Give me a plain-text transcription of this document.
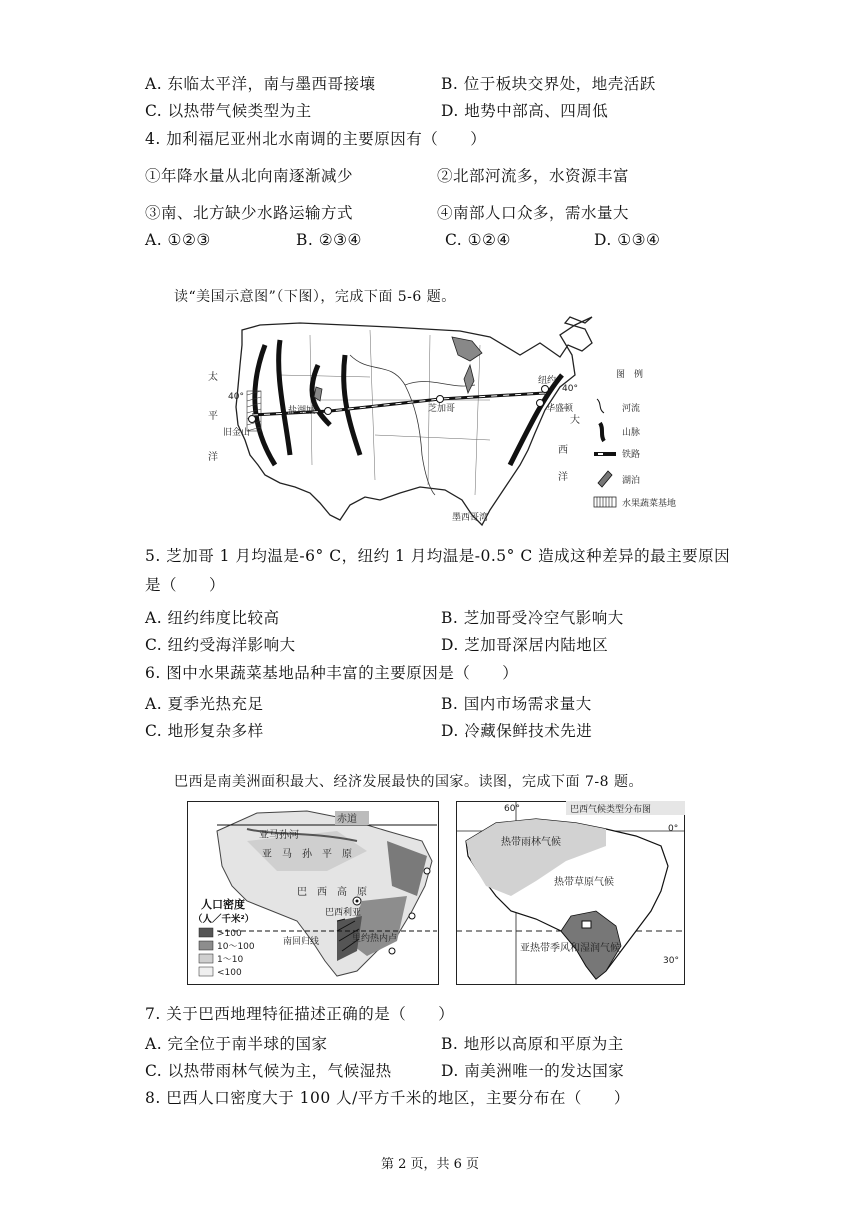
A. 东临太平洋，南与墨西哥接壤	B. 位于板块交界处，地壳活跃
C. 以热带气候类型为主	D. 地势中部高、四周低
4. 加利福尼亚州北水南调的主要原因有（　　）
①年降水量从北向南逐渐减少	②北部河流多，水资源丰富
③南、北方缺少水路运输方式	④南部人口众多，需水量大
A. ①②③	B. ②③④	C. ①②④	D. ①③④
读“美国示意图”（下图），完成下面 5-6 题。
太
平
洋
40°
40°
旧金山
盐湖城	芝加哥
纽约
华盛顿
大
西
洋
墨西哥湾
图　例
河流
山脉
铁路
湖泊
水果蔬菜基地
5. 芝加哥 1 月均温是-6° C，纽约 1 月均温是-0.5° C 造成这种差异的最主要原因
是（　　）
A. 纽约纬度比较高	B. 芝加哥受冷空气影响大
C. 纽约受海洋影响大	D. 芝加哥深居内陆地区
6. 图中水果蔬菜基地品种丰富的主要原因是（　　）
A. 夏季光热充足	B. 国内市场需求量大
C. 地形复杂多样	D. 冷藏保鲜技术先进
巴西是南美洲面积最大、经济发展最快的国家。读图，完成下面 7-8 题。
赤道
亚马孙河
亚　马　孙　平　原
巴　西　高　原
巴西利亚
南回归线	里约热内卢
人口密度
（人／千米²）
>100
10～100
1～10
<100
巴西气候类型分布图
60°
0°
30°
热带雨林气候
热带草原气候
亚热带季风和湿润气候
7. 关于巴西地理特征描述正确的是（　　）
A. 完全位于南半球的国家	B. 地形以高原和平原为主
C. 以热带雨林气候为主，气候湿热	D. 南美洲唯一的发达国家
8. 巴西人口密度大于 100 人/平方千米的地区，主要分布在（　　）
第 2 页，共 6 页
